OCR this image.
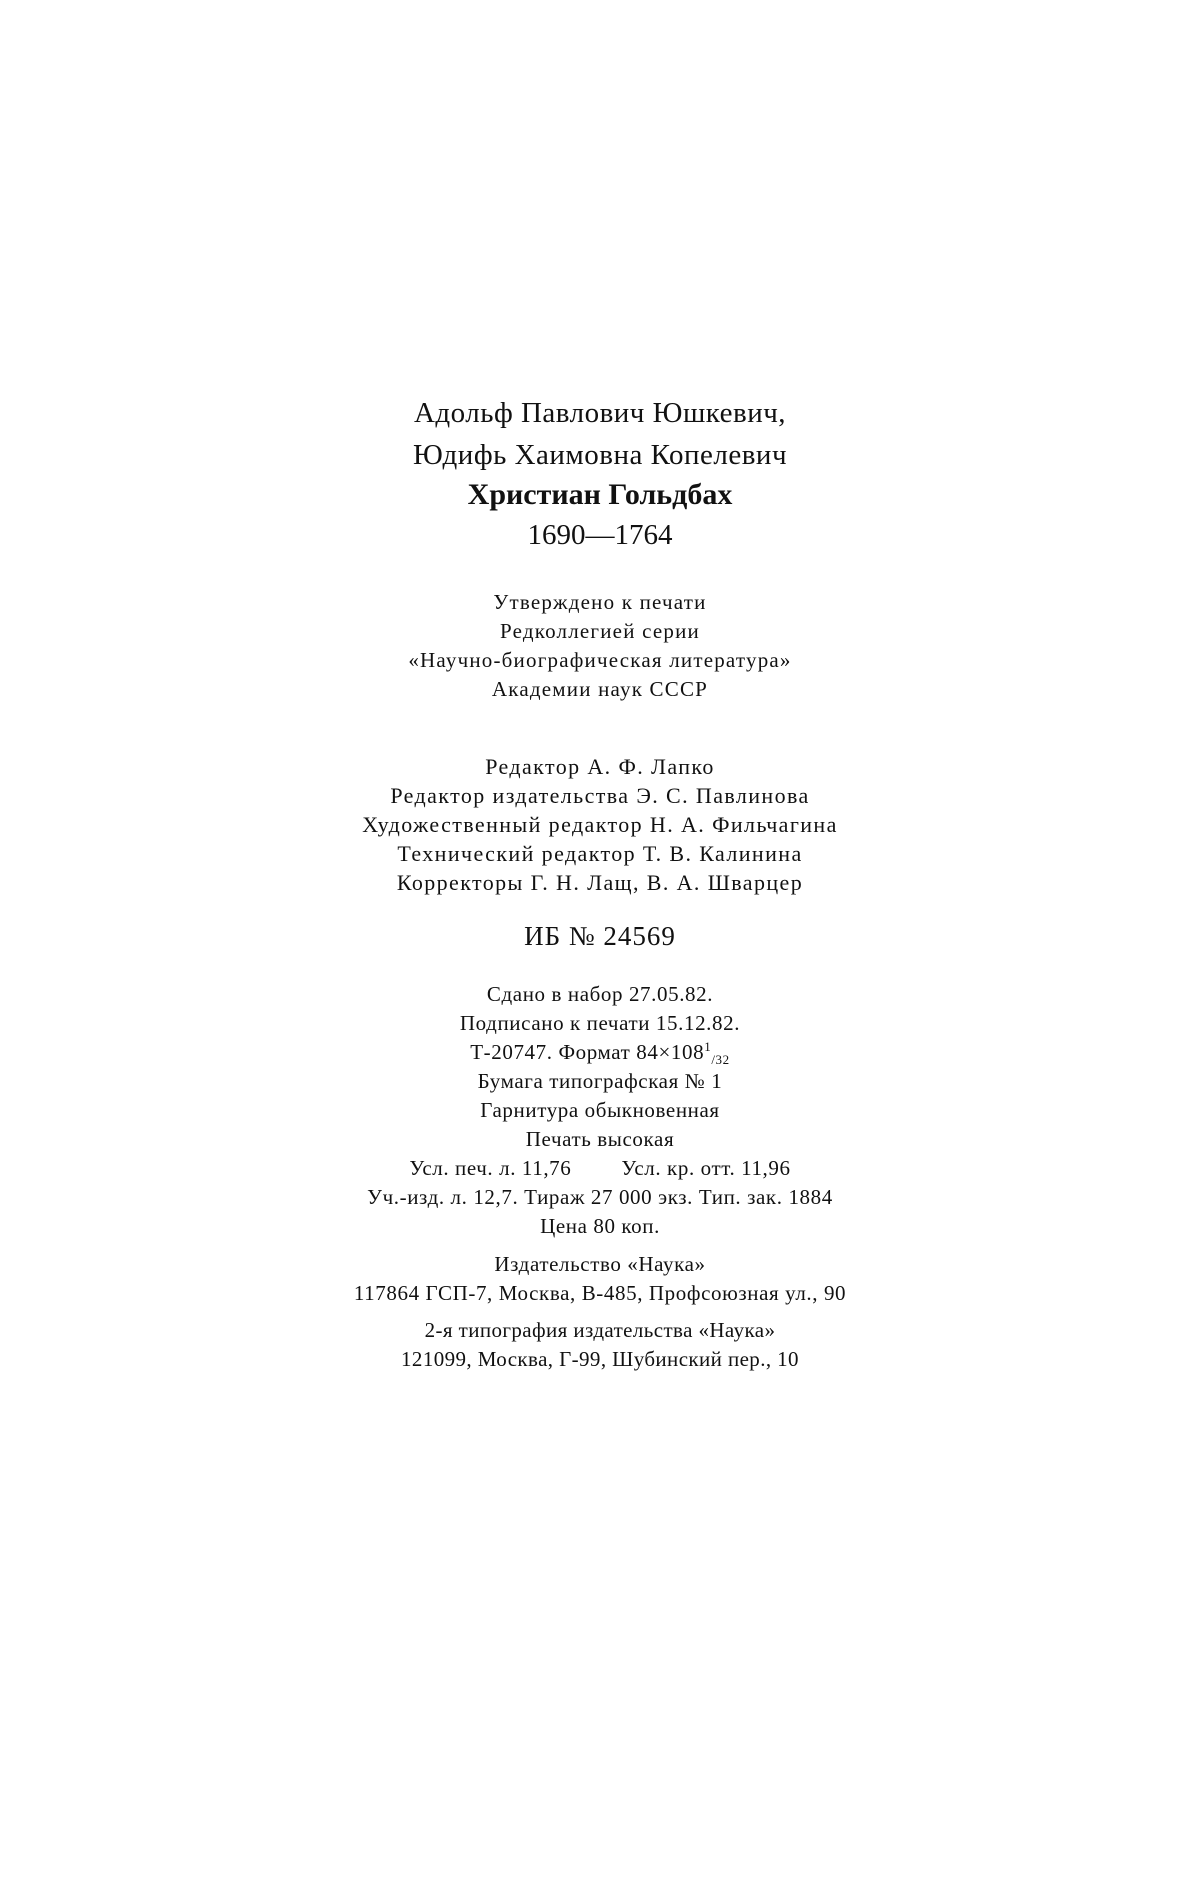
Адольф Павлович Юшкевич,
Юдифь Хаимовна Копелевич
Христиан Гольдбах
1690—1764
Утверждено к печати
Редколлегией серии
«Научно-биографическая литература»
Академии наук СССР
Редактор А. Ф. Лапко
Редактор издательства Э. С. Павлинова
Художественный редактор Н. А. Фильчагина
Технический редактор Т. В. Калинина
Корректоры Г. Н. Лащ, В. А. Шварцер
ИБ № 24569
Сдано в набор 27.05.82.
Подписано к печати 15.12.82.
Т-20747. Формат $84\times 108^1_{/32}$
Бумага типографская № 1
Гарнитура обыкновенная
Печать высокая
Усл. печ. л. 11,76 Усл. кр. отт. 11,96
Уч.-изд. л. 12,7. Тираж 27 000 экз. Тип. зак. 1884
Цена 80 коп.
Издательство «Наука»
117864 ГСП-7, Москва, В-485, Профсоюзная ул., 90
2-я типография издательства «Наука»
121099, Москва, Г-99, Шубинский пер., 10
